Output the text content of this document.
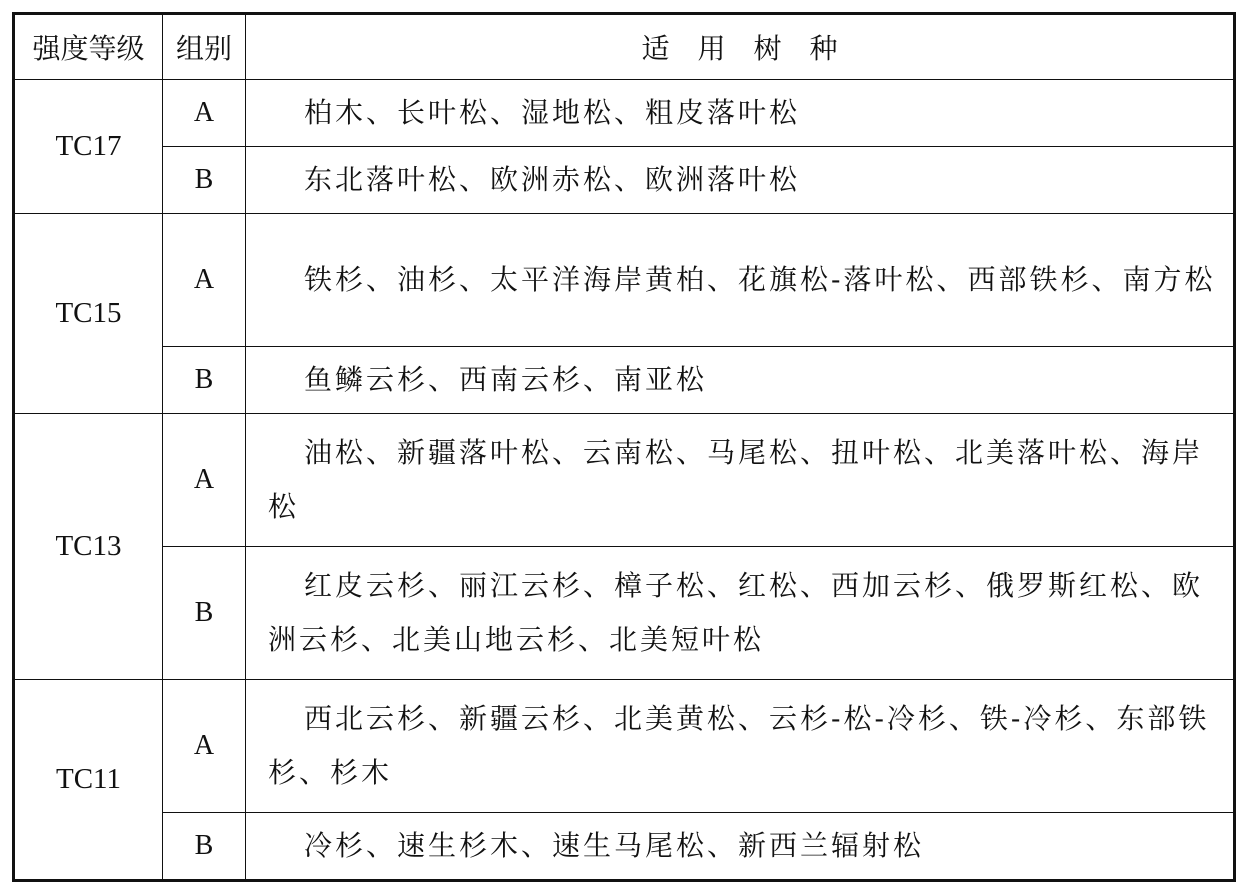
强度等级	组别	适用树种
TC17	A	柏木、长叶松、湿地松、粗皮落叶松
	B	东北落叶松、欧洲赤松、欧洲落叶松
TC15	A	铁杉、油杉、太平洋海岸黄柏、花旗松-落叶松、西部铁杉、南方松
	B	鱼鳞云杉、西南云杉、南亚松
TC13	A	油松、新疆落叶松、云南松、马尾松、扭叶松、北美落叶松、海岸松
	B	红皮云杉、丽江云杉、樟子松、红松、西加云杉、俄罗斯红松、欧洲云杉、北美山地云杉、北美短叶松
TC11	A	西北云杉、新疆云杉、北美黄松、云杉-松-冷杉、铁-冷杉、东部铁杉、杉木
	B	冷杉、速生杉木、速生马尾松、新西兰辐射松
